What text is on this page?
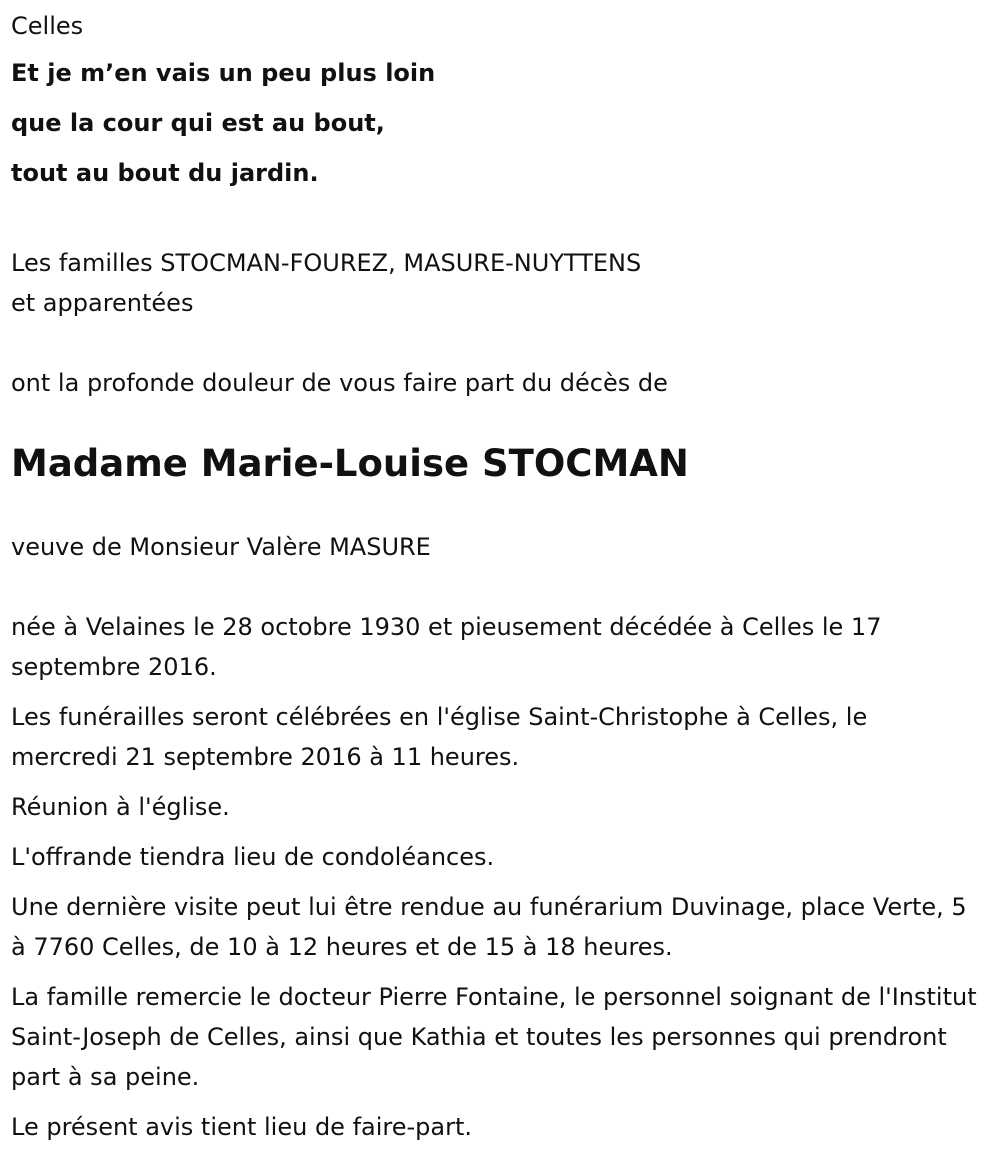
Celles
Et je m’en vais un peu plus loin
que la cour qui est au bout,
tout au bout du jardin.
Les familles STOCMAN-FOUREZ, MASURE-NUYTTENS
et apparentées
ont la profonde douleur de vous faire part du décès de
Madame Marie-Louise STOCMAN
veuve de Monsieur Valère MASURE

née à Velaines le 28 octobre 1930 et pieusement décédée à Celles le 17 septembre 2016.

Les funérailles seront célébrées en l'église Saint-Christophe à Celles, le mercredi 21 septembre 2016 à 11 heures.

Réunion à l'église.

L'offrande tiendra lieu de condoléances.

Une dernière visite peut lui être rendue au funérarium Duvinage, place Verte, 5 à 7760 Celles, de 10 à 12 heures et de 15 à 18 heures.

La famille remercie le docteur Pierre Fontaine, le personnel soignant de l'Institut Saint-Joseph de Celles, ainsi que Kathia et toutes les personnes qui prendront part à sa peine.

Le présent avis tient lieu de faire-part.
